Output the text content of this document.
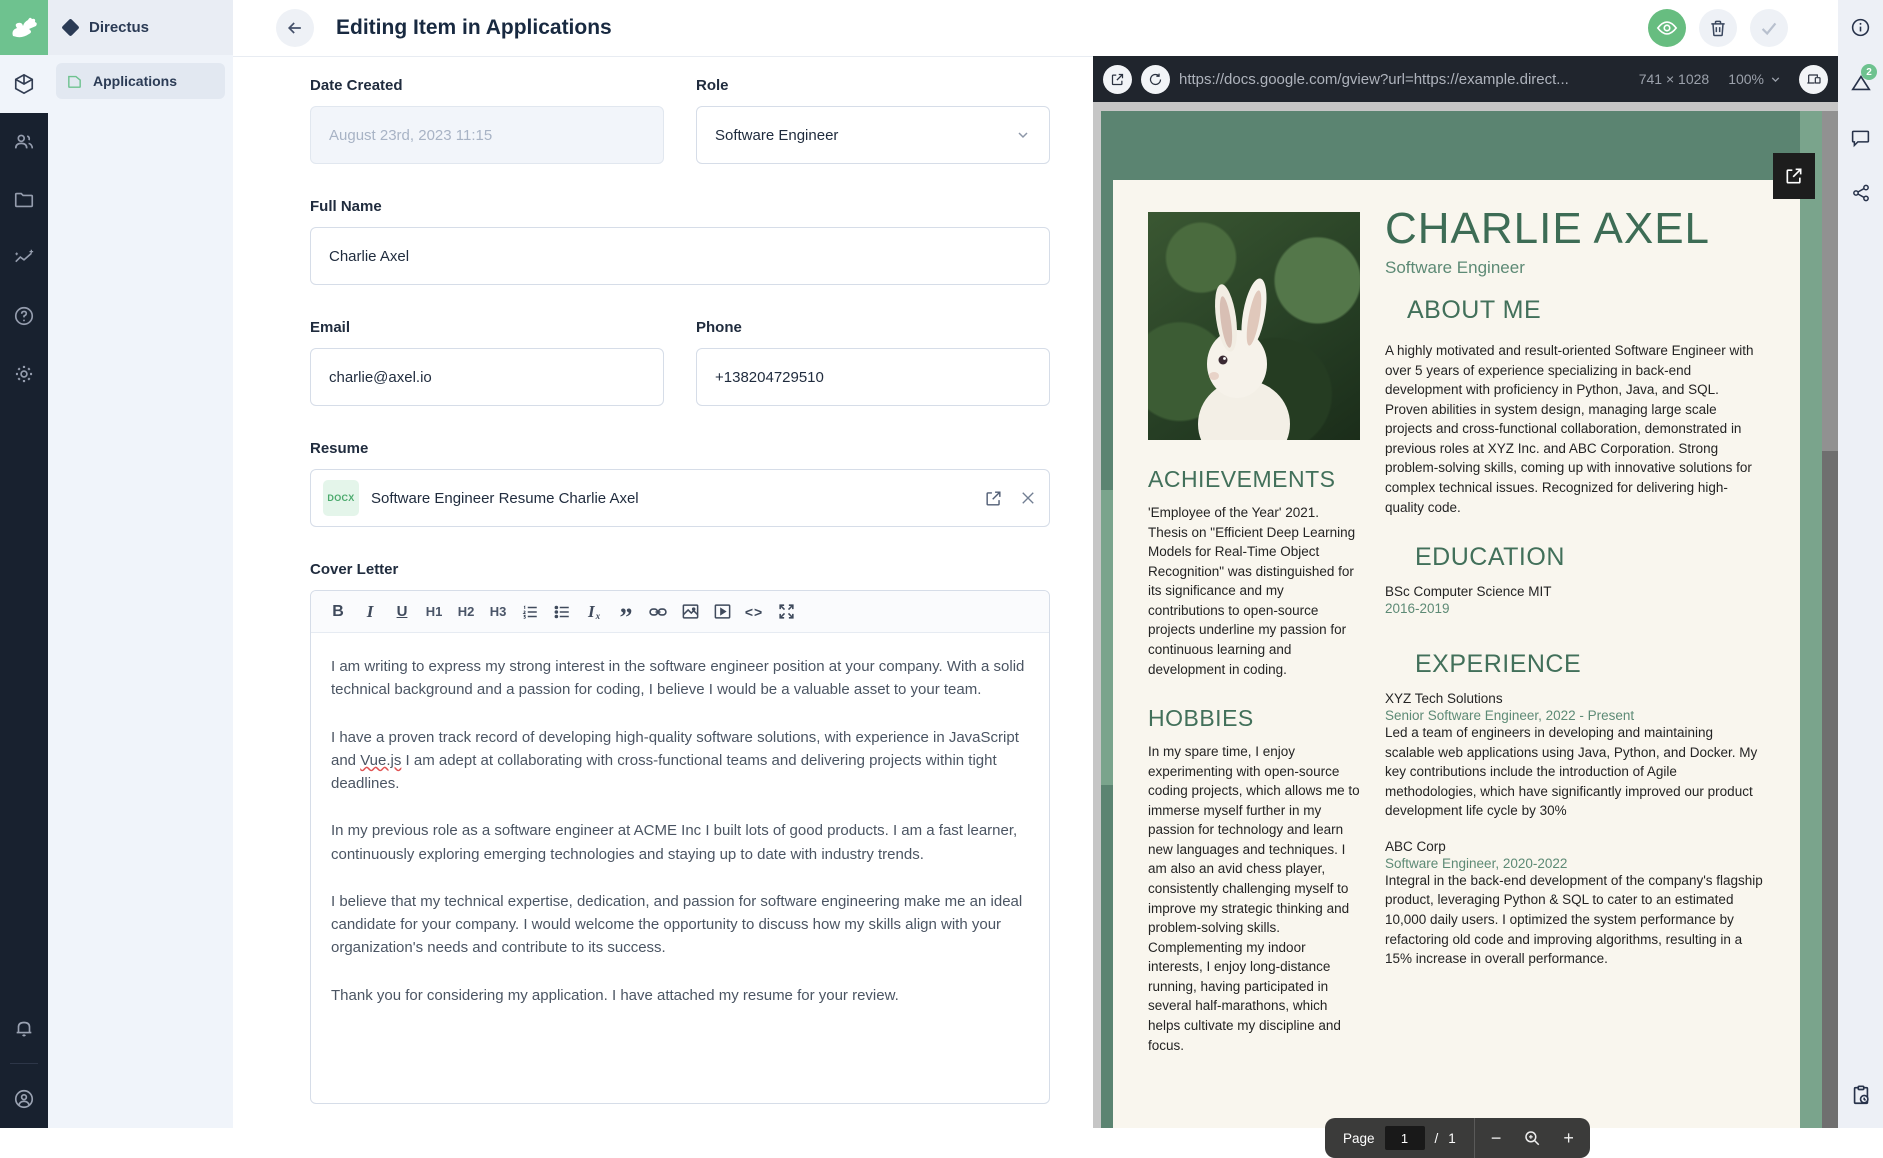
Directus
Applications
Editing Item in Applications
Date Created
August 23rd, 2023 11:15
Role
Software Engineer
Full Name
Charlie Axel
Email
charlie@axel.io
Phone
+138204729510
Resume
DOCX Software Engineer Resume Charlie Axel
Cover Letter
B	I	U	H1	H2	H3	I x ”	<>

I am writing to express my strong interest in the software engineer position at your company. With a solid technical background and a passion for coding, I believe I would be a valuable asset to your team.

I have a proven track record of developing high-quality software solutions, with experience in JavaScript and Vue.js I am adept at collaborating with cross-functional teams and delivering projects within tight deadlines.

In my previous role as a software engineer at ACME Inc I built lots of good products. I am a fast learner, continuously exploring emerging technologies and staying up to date with industry trends.

I believe that my technical expertise, dedication, and passion for software engineering make me an ideal candidate for your company. I would welcome the opportunity to discuss how my skills align with your organization's needs and contribute to its success.

Thank you for considering my application. I have attached my resume for your review.

https://docs.google.com/gview?url=https://example.direct...	741 × 1028 100%
ACHIEVEMENTS
'Employee of the Year' 2021. Thesis on "Efficient Deep Learning Models for Real-Time Object Recognition" was distinguished for its significance and my contributions to open-source projects underline my passion for continuous learning and development in coding.
HOBBIES
In my spare time, I enjoy experimenting with open-source coding projects, which allows me to immerse myself further in my passion for technology and learn new languages and techniques. I am also an avid chess player, consistently challenging myself to improve my strategic thinking and problem-solving skills. Complementing my indoor interests, I enjoy long-distance running, having participated in several half-marathons, which helps cultivate my discipline and focus.
CHARLIE AXEL
Software Engineer
ABOUT ME
A highly motivated and result-oriented Software Engineer with over 5 years of experience specializing in back-end development with proficiency in Python, Java, and SQL. Proven abilities in system design, managing large scale projects and cross-functional collaboration, demonstrated in previous roles at XYZ Inc. and ABC Corporation. Strong problem-solving skills, coming up with innovative solutions for complex technical issues. Recognized for delivering high-quality code.
EDUCATION
BSc Computer Science MIT
2016-2019
EXPERIENCE
XYZ Tech Solutions
Senior Software Engineer, 2022 - Present
Led a team of engineers in developing and maintaining scalable web applications using Java, Python, and Docker. My key contributions include the introduction of Agile methodologies, which have significantly improved our product development life cycle by 30%
ABC Corp
Software Engineer, 2020-2022
Integral in the back-end development of the company's flagship product, leveraging Python & SQL to cater to an estimated 10,000 daily users. I optimized the system performance by refactoring old code and improving algorithms, resulting in a 15% increase in overall performance.
Page	1	/ 1 −	+
2
